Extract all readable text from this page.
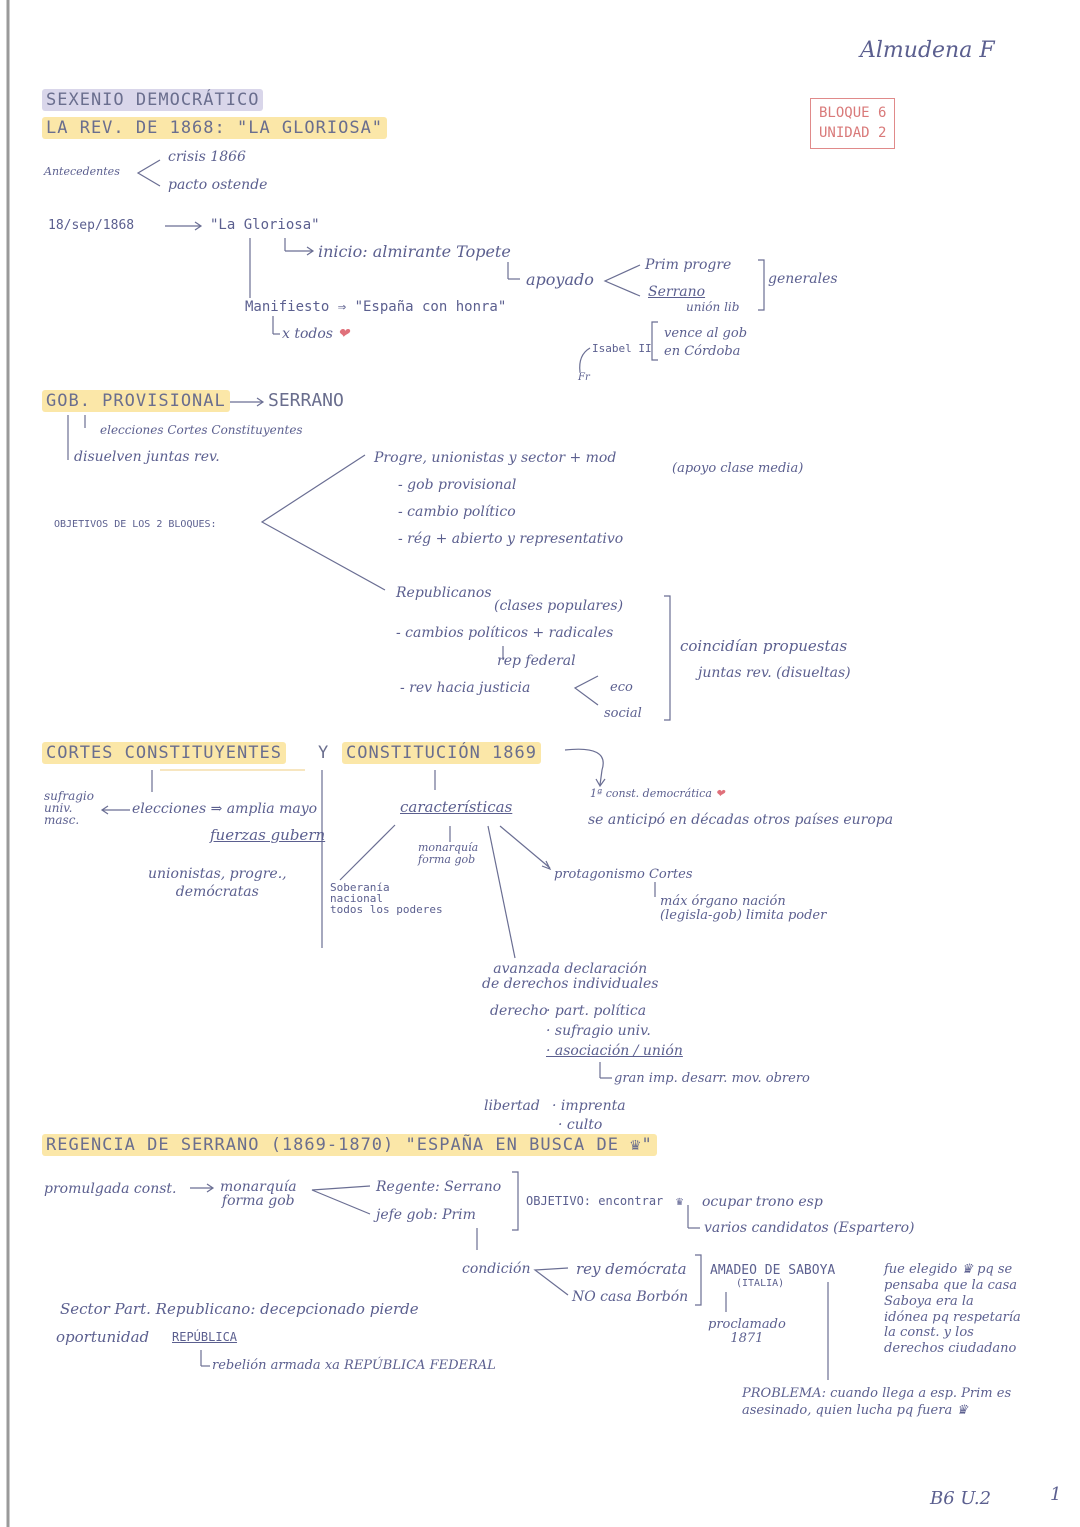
Almudena F
BLOQUE 6
UNIDAD 2
SEXENIO DEMOCRÁTICO
LA REV. DE 1868: "LA GLORIOSA"
Antecedentes
crisis 1866
pacto ostende
18/sep/1868	"La Gloriosa"
inicio: almirante Topete
apoyado
Prim progre
Serrano
unión lib
generales
Manifiesto ⇒ "España con honra"
x todos ❤
Isabel II
vence al gob
en Córdoba
Fr
GOB. PROVISIONAL SERRANO
elecciones Cortes Constituyentes
disuelven juntas rev.
OBJETIVOS DE LOS 2 BLOQUES:
Progre, unionistas y sector + mod
(apoyo clase media)
- gob provisional
- cambio político
- rég + abierto y representativo
Republicanos
(clases populares)
- cambios políticos + radicales
rep federal
- rev hacia justicia	eco
social
coincidían propuestas
juntas rev. (disueltas)
CORTES CONSTITUYENTES Y CONSTITUCIÓN 1869
1ª const. democrática ❤
se anticipó en décadas otros países europa
sufragio
univ.
masc.
elecciones ⇒ amplia mayo
fuerzas gubern
unionistas, progre.,
demócratas
características
monarquía
forma gob
Soberanía
nacional
todos los poderes
protagonismo Cortes
máx órgano nación
(legisla-gob) limita poder
avanzada declaración
de derechos individuales
derecho
· part. política
· sufragio univ.
· asociación / unión
gran imp. desarr. mov. obrero
libertad · imprenta
· culto
REGENCIA DE SERRANO (1869-1870) "ESPAÑA EN BUSCA DE ♛"
promulgada const.	monarquía
forma gob
Regente: Serrano
jefe gob: Prim
OBJETIVO: encontrar ♛ ocupar trono esp
varios candidatos (Espartero)
condición	rey demócrata
NO casa Borbón
AMADEO DE SABOYA
(ITALIA)
proclamado
1871
fue elegido ♛ pq se
pensaba que la casa
Saboya era la
idónea pq respetaría
la const. y los
derechos ciudadano
Sector Part. Republicano: decepcionado pierde
oportunidad REPÚBLICA
rebelión armada xa REPÚBLICA FEDERAL
PROBLEMA: cuando llega a esp. Prim es
asesinado, quien lucha pq fuera ♛
B6 U.2	1
